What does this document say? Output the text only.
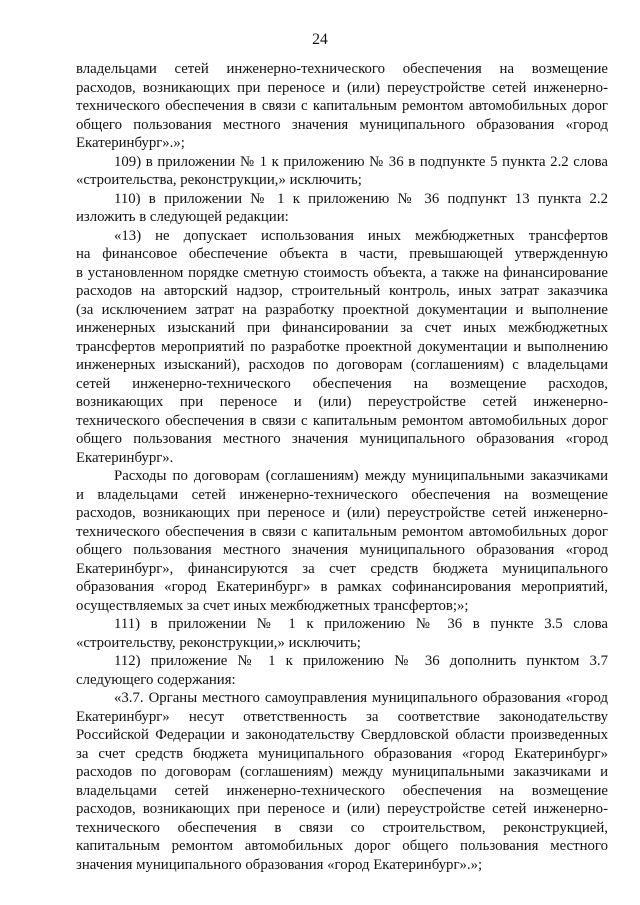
24

владельцами сетей инженерно-технического обеспечения на возмещение

расходов, возникающих при переносе и (или) переустройстве сетей инженерно-

технического обеспечения в связи с капитальным ремонтом автомобильных дорог

общего пользования местного значения муниципального образования «город

Екатеринбург».»;

109) в приложении № 1 к приложению № 36 в подпункте 5 пункта 2.2 слова

«строительства, реконструкции,» исключить;

110) в приложении № 1 к приложению № 36 подпункт 13 пункта 2.2

изложить в следующей редакции:

«13) не допускает использования иных межбюджетных трансфертов

на финансовое обеспечение объекта в части, превышающей утвержденную

в установленном порядке сметную стоимость объекта, а также на финансирование

расходов на авторский надзор, строительный контроль, иных затрат заказчика

(за исключением затрат на разработку проектной документации и выполнение

инженерных изысканий при финансировании за счет иных межбюджетных

трансфертов мероприятий по разработке проектной документации и выполнению

инженерных изысканий), расходов по договорам (соглашениям) с владельцами

сетей инженерно-технического обеспечения на возмещение расходов,

возникающих при переносе и (или) переустройстве сетей инженерно-

технического обеспечения в связи с капитальным ремонтом автомобильных дорог

общего пользования местного значения муниципального образования «город

Екатеринбург».

Расходы по договорам (соглашениям) между муниципальными заказчиками

и владельцами сетей инженерно-технического обеспечения на возмещение

расходов, возникающих при переносе и (или) переустройстве сетей инженерно-

технического обеспечения в связи с капитальным ремонтом автомобильных дорог

общего пользования местного значения муниципального образования «город

Екатеринбург», финансируются за счет средств бюджета муниципального

образования «город Екатеринбург» в рамках софинансирования мероприятий,

осуществляемых за счет иных межбюджетных трансфертов;»;

111) в приложении № 1 к приложению № 36 в пункте 3.5 слова

«строительству, реконструкции,» исключить;

112) приложение № 1 к приложению № 36 дополнить пунктом 3.7

следующего содержания:

«3.7. Органы местного самоуправления муниципального образования «город

Екатеринбург» несут ответственность за соответствие законодательству

Российской Федерации и законодательству Свердловской области произведенных

за счет средств бюджета муниципального образования «город Екатеринбург»

расходов по договорам (соглашениям) между муниципальными заказчиками и

владельцами сетей инженерно-технического обеспечения на возмещение

расходов, возникающих при переносе и (или) переустройстве сетей инженерно-

технического обеспечения в связи со строительством, реконструкцией,

капитальным ремонтом автомобильных дорог общего пользования местного

значения муниципального образования «город Екатеринбург».»;
